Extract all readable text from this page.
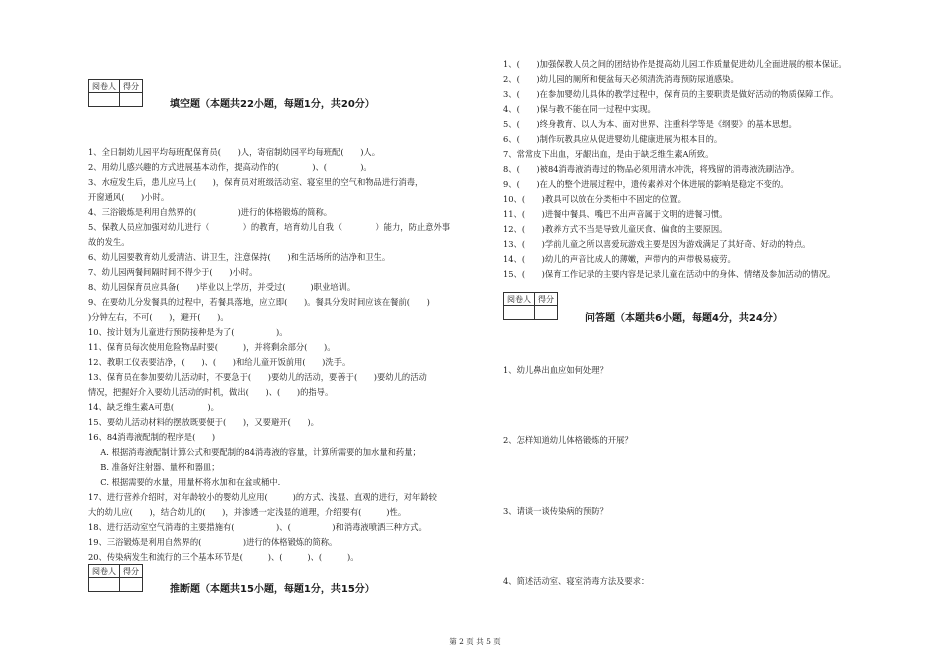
阅卷人	得分

填空题（本题共22小题，每题1分，共20分）
1、全日制幼儿园平均每班配保育员(　　)人，寄宿制幼园平均每班配(　　)人。
2、用幼儿感兴趣的方式进展基本动作，提高动作的(　　　　)、(　　　　)。
3、水痘发生后，患儿应马上(　　)，保育员对班级活动室、寝室里的空气和物品进行消毒，
开窗通风(　　)小时。
4、三浴锻炼是利用自然界的(　　　　　)进行的体格锻炼的简称。
5、保教人员应加强对幼儿进行（　　　　）的教育，培育幼儿自我（　　　　）能力，防止意外事
故的发生。
6、幼儿园要教育幼儿爱清洁、讲卫生，注意保持(　　)和生活场所的洁净和卫生。
7、幼儿园两餐间隔时间不得少于(　　)小时。
8、幼儿园保育员应具备(　　)毕业以上学历，并受过(　　　)职业培训。
9、在要幼儿分发餐具的过程中，若餐具落地，应立即(　　)。餐具分发时间应该在餐前(　　)
)分钟左右，不可(　　)，避开(　　)。
10、按计划为儿童进行预防接种是为了(　　　　　)。
11、保育员每次使用危险物品时要(　　　)，并将剩余部分(　　)。
12、教职工仪表要洁净，(　　)、(　　)和给儿童开饭前用(　　)洗手。
13、保育员在参加要幼儿活动时，不要急于(　　)要幼儿的活动，要善于(　　)要幼儿的活动
情况，把握好介入要幼儿活动的时机，做出(　　)、(　　)的指导。
14、缺乏维生素A可患(　　　　)。
15、要幼儿活动材料的摆放既要便于(　　)，又要避开(　　)。
16、84消毒液配制的程序是(　　)
　A. 根据消毒液配制计算公式和要配制的84消毒液的容量，计算所需要的加水量和药量；
　B. 准备好注射器、量杯和器皿；
　C. 根据需要的水量，用量杯将水加和在盆或桶中.
17、进行营养介绍时，对年龄较小的婴幼儿应用(　　　)的方式、浅显、直观的进行，对年龄较
大的幼儿应(　　)，结合幼儿的(　　)，并渗透一定浅显的道理，介绍要有(　　　)性。
18、进行活动室空气消毒的主要措施有(　　　　　)、(　　　　　)和消毒液喷洒三种方式。
19、三浴锻炼是利用自然界的(　　　　　)进行的体格锻炼的简称。
20、传染病发生和流行的三个基本环节是(　　　)、(　　　)、(　　　)。
阅卷人	得分

推断题（本题共15小题，每题1分，共15分）
1、(　　)加强保教人员之间的团结协作是提高幼儿园工作质量促进幼儿全面进展的根本保证。
2、(　　)幼儿园的厕所和便盆每天必须清洗消毒预防尿道感染。
3、(　　)在参加婴幼儿具体的教学过程中，保育员的主要职责是做好活动的物质保障工作。
4、(　　)保与教不能在同一过程中实现。
5、(　　)终身教育、以人为本、面对世界、注重科学等是《纲要》的基本思想。
6、(　　)制作玩教具应从促进婴幼儿健康进展为根本目的。
7、常常皮下出血，牙龈出血，是由于缺乏维生素A所致。
8、(　　)被84消毒液消毒过的物品必须用清水冲洗，将残留的消毒液洗刷洁净。
9、(　　)在人的整个进展过程中，遗传素养对个体进展的影响是稳定不变的。
10、(　　)教具可以放在分类柜中不固定的位置。
11、(　　)进餐中餐具、嘴巴不出声音属于文明的进餐习惯。
12、(　　)教养方式不当是导致儿童厌食、偏食的主要原因。
13、(　　)学前儿童之所以喜爱玩游戏主要是因为游戏满足了其好奇、好动的特点。
14、(　　)幼儿的声音比成人的薄嫩，声带内的声带极易疲劳。
15、(　　)保育工作记录的主要内容是记录儿童在活动中的身体、情绪及参加活动的情况。
阅卷人	得分

问答题（本题共6小题，每题4分，共24分）
1、幼儿鼻出血应如何处理？
2、怎样知道幼儿体格锻炼的开展？
3、请谈一谈传染病的预防？
4、简述活动室、寝室消毒方法及要求：
第 2 页 共 5 页
